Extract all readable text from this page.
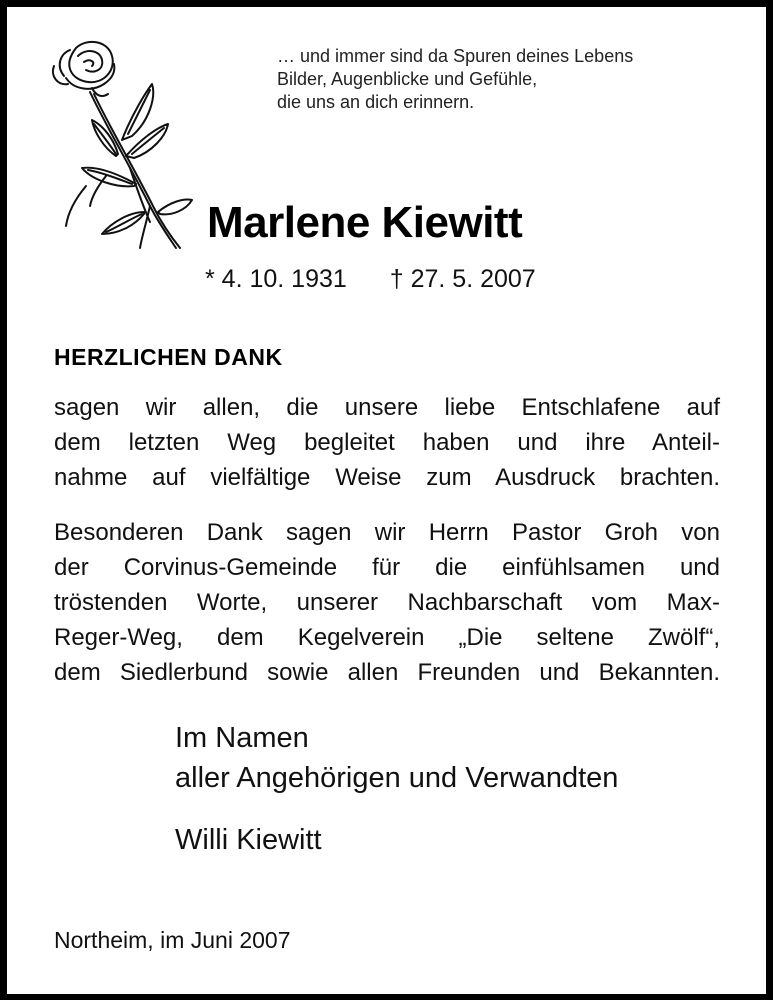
… und immer sind da Spuren deines Lebens
Bilder, Augenblicke und Gefühle,
die uns an dich erinnern.
Marlene Kiewitt
* 4. 10. 1931 † 27. 5. 2007
HERZLICHEN DANK
sagen wir allen, die unsere liebe Entschlafene auf
dem letzten Weg begleitet haben und ihre Anteil-
nahme auf vielfältige Weise zum Ausdruck brachten.
Besonderen Dank sagen wir Herrn Pastor Groh von
der Corvinus-Gemeinde für die einfühlsamen und
tröstenden Worte, unserer Nachbarschaft vom Max-
Reger-Weg, dem Kegelverein „Die seltene Zwölf“,
dem Siedlerbund sowie allen Freunden und Bekannten.
Im Namen
aller Angehörigen und Verwandten
Willi Kiewitt
Northeim, im Juni 2007
